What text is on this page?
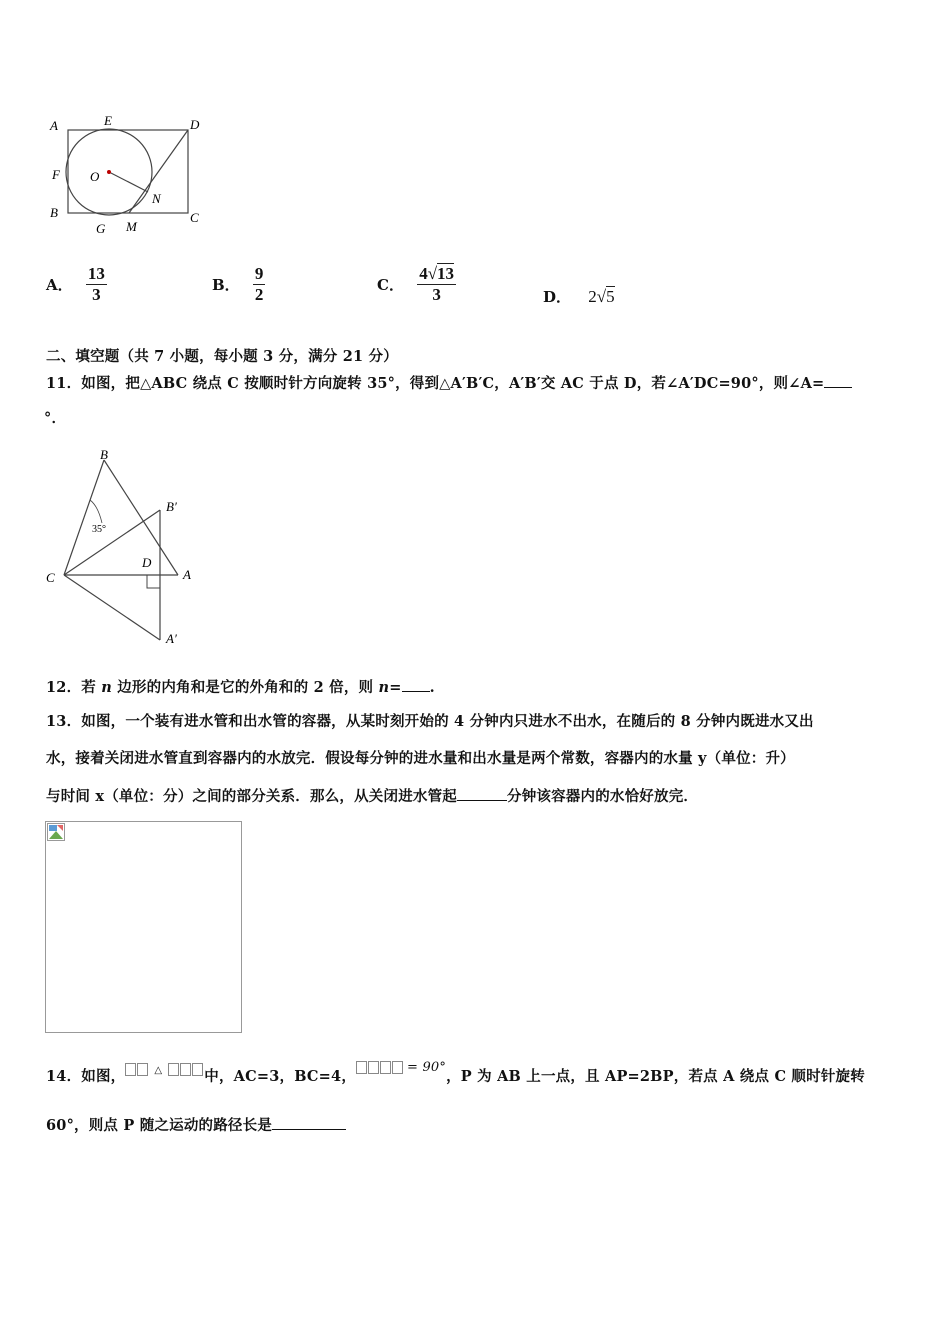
A	E	D
F O
N
B
G M
C
A． $\frac{13}{3}$	B． $\frac{9}{2}$	C． $\frac{4√13}{3}$	D． 2√5
二、填空题（共 7 小题，每小题 3 分，满分 21 分）
11．如图，把△ABC 绕点 C 按顺时针方向旋转 35°，得到△A′B′C，A′B′交 AC 于点 D，若∠A′DC=90°，则∠A=
°．
B
B′
35°
D
C	A
A′
12．若 n 边形的内角和是它的外角和的 2 倍，则 n= .
13．如图，一个装有进水管和出水管的容器，从某时刻开始的 4 分钟内只进水不出水，在随后的 8 分钟内既进水又出
水，接着关闭进水管直到容器内的水放完．假设每分钟的进水量和出水量是两个常数，容器内的水量 y（单位：升）
与时间 x（单位：分）之间的部分关系．那么，从关闭进水管起	分钟该容器内的水恰好放完．
14．如图，	△	中，AC=3，BC=4，= 90°，P 为 AB 上一点，且 AP=2BP，若点 A 绕点 C 顺时针旋转
60°，则点 P 随之运动的路径长是
